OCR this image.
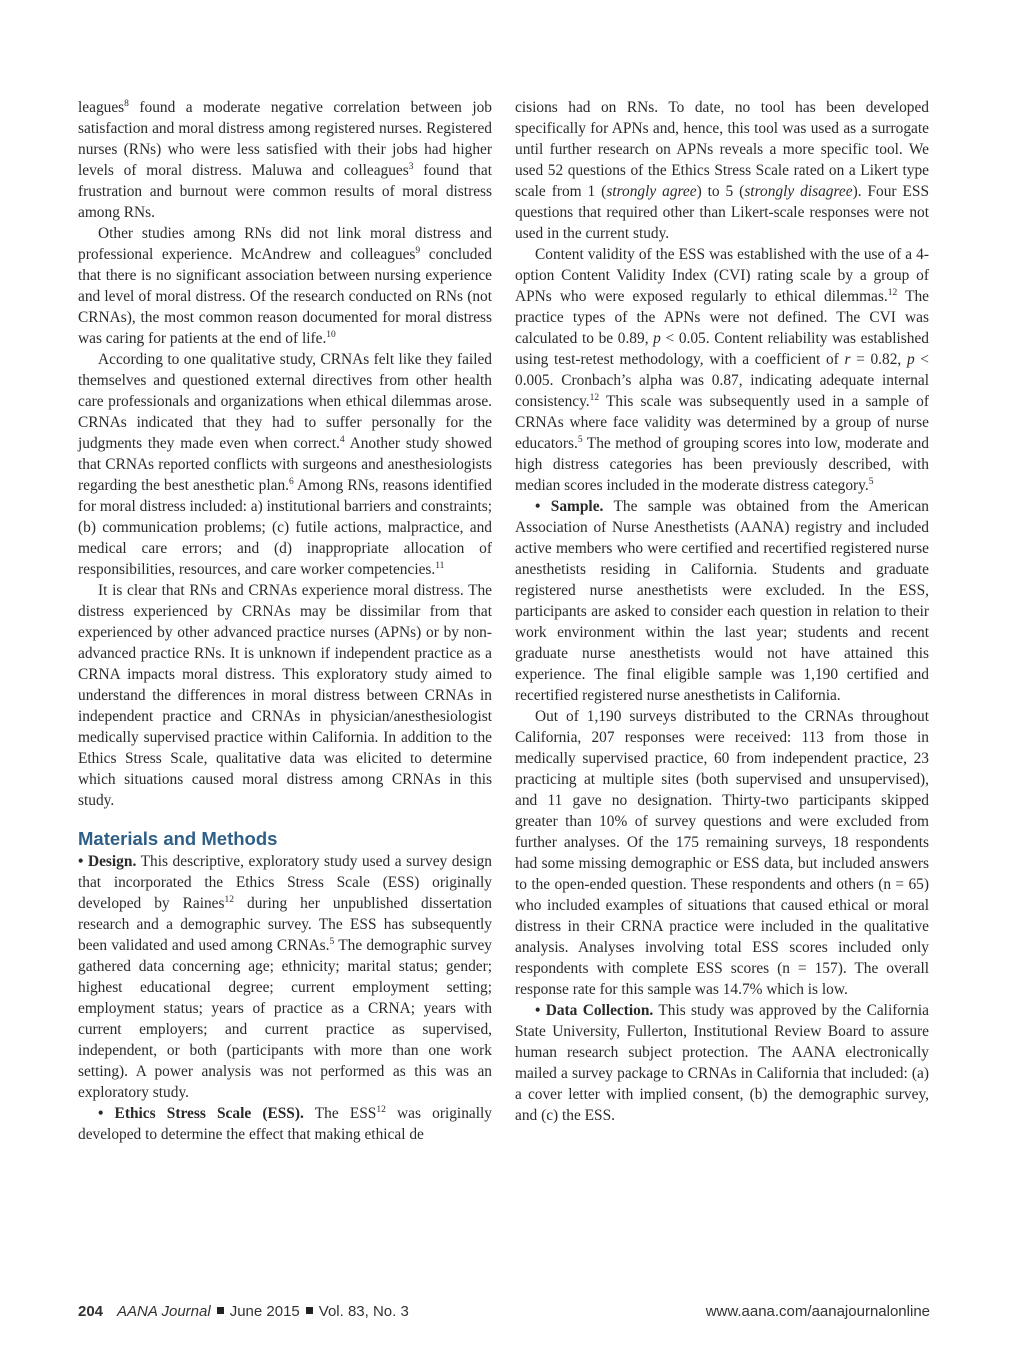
leagues$^8$ found a moderate negative correlation between job satisfaction and moral distress among registered nurses. Registered nurses (RNs) who were less satisfied with their jobs had higher levels of moral distress. Maluwa and colleagues$^3$ found that frustration and burnout were common results of moral distress among RNs.

Other studies among RNs did not link moral distress and professional experience. McAndrew and colleagues$^9$ concluded that there is no significant association between nursing experience and level of moral distress. Of the research conducted on RNs (not CRNAs), the most common reason documented for moral distress was caring for patients at the end of life.$^{10}$

According to one qualitative study, CRNAs felt like they failed themselves and questioned external directives from other health care professionals and organizations when ethical dilemmas arose. CRNAs indicated that they had to suffer personally for the judgments they made even when correct.$^4$ Another study showed that CRNAs reported conflicts with surgeons and anesthesiologists regarding the best anesthetic plan.$^6$ Among RNs, reasons identified for moral distress included: a) institutional barriers and constraints; (b) communication problems; (c) futile actions, malpractice, and medical care errors; and (d) inappropriate allocation of responsibilities, resources, and care worker competencies.$^{11}$

It is clear that RNs and CRNAs experience moral distress. The distress experienced by CRNAs may be dissimilar from that experienced by other advanced practice nurses (APNs) or by non-advanced practice RNs. It is unknown if independent practice as a CRNA impacts moral distress. This exploratory study aimed to understand the differences in moral distress between CRNAs in independent practice and CRNAs in physician/anesthesiologist medically supervised practice within California. In addition to the Ethics Stress Scale, qualitative data was elicited to determine which situations caused moral distress among CRNAs in this study.

Materials and Methods

• Design. This descriptive, exploratory study used a survey design that incorporated the Ethics Stress Scale (ESS) originally developed by Raines$^{12}$ during her unpublished dissertation research and a demographic survey. The ESS has subsequently been validated and used among CRNAs.$^5$ The demographic survey gathered data concerning age; ethnicity; marital status; gender; highest educational degree; current employment setting; employment status; years of practice as a CRNA; years with current employers; and current practice as supervised, independent, or both (participants with more than one work setting). A power analysis was not performed as this was an exploratory study.

• Ethics Stress Scale (ESS). The ESS$^{12}$ was originally developed to determine the effect that making ethical de

cisions had on RNs. To date, no tool has been developed specifically for APNs and, hence, this tool was used as a surrogate until further research on APNs reveals a more specific tool. We used 52 questions of the Ethics Stress Scale rated on a Likert type scale from 1 (strongly agree) to 5 (strongly disagree). Four ESS questions that required other than Likert-scale responses were not used in the current study.

Content validity of the ESS was established with the use of a 4-option Content Validity Index (CVI) rating scale by a group of APNs who were exposed regularly to ethical dilemmas.$^{12}$ The practice types of the APNs were not defined. The CVI was calculated to be 0.89, p < 0.05. Content reliability was established using test-retest methodology, with a coefficient of r = 0.82, p < 0.005. Cronbach’s alpha was 0.87, indicating adequate internal consistency.$^{12}$ This scale was subsequently used in a sample of CRNAs where face validity was determined by a group of nurse educators.$^5$ The method of grouping scores into low, moderate and high distress categories has been previously described, with median scores included in the moderate distress category.$^5$

• Sample. The sample was obtained from the American Association of Nurse Anesthetists (AANA) registry and included active members who were certified and recertified registered nurse anesthetists residing in California. Students and graduate registered nurse anesthetists were excluded. In the ESS, participants are asked to consider each question in relation to their work environment within the last year; students and recent graduate nurse anesthetists would not have attained this experience. The final eligible sample was 1,190 certified and recertified registered nurse anesthetists in California.

Out of 1,190 surveys distributed to the CRNAs throughout California, 207 responses were received: 113 from those in medically supervised practice, 60 from independent practice, 23 practicing at multiple sites (both supervised and unsupervised), and 11 gave no designation. Thirty-two participants skipped greater than 10% of survey questions and were excluded from further analyses. Of the 175 remaining surveys, 18 respondents had some missing demographic or ESS data, but included answers to the open-ended question. These respondents and others (n = 65) who included examples of situations that caused ethical or moral distress in their CRNA practice were included in the qualitative analysis. Analyses involving total ESS scores included only respondents with complete ESS scores (n = 157). The overall response rate for this sample was 14.7% which is low.

• Data Collection. This study was approved by the California State University, Fullerton, Institutional Review Board to assure human research subject protection. The AANA electronically mailed a survey package to CRNAs in California that included: (a) a cover letter with implied consent, (b) the demographic survey, and (c) the ESS.

204 AANA Journal June 2015 Vol. 83, No. 3	www.aana.com/aanajournalonline
